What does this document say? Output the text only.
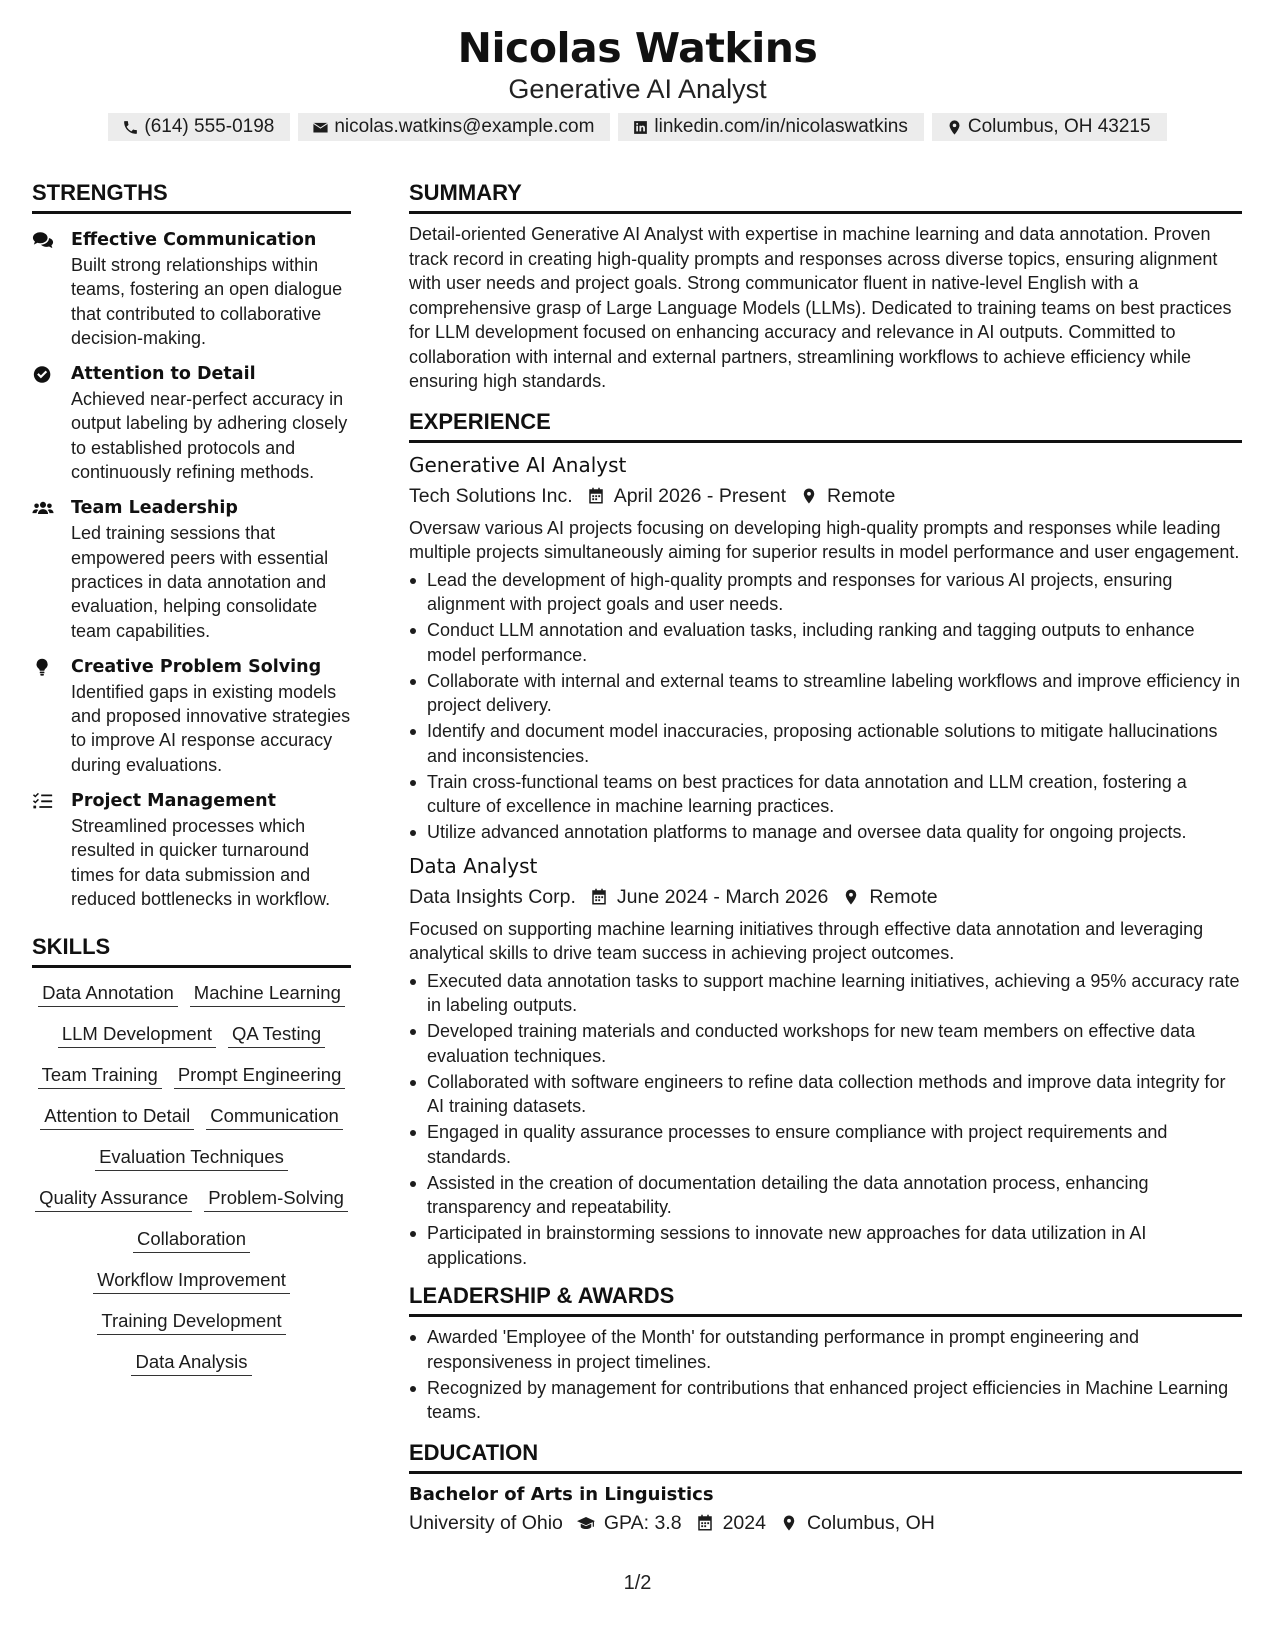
Nicolas Watkins
Generative AI Analyst
(614) 555-0198	nicolas.watkins@example.com	linkedin.com/in/nicolaswatkins	Columbus, OH 43215
STRENGTHS
Effective Communication
Built strong relationships within teams, fostering an open dialogue that contributed to collaborative decision-making.
Attention to Detail
Achieved near-perfect accuracy in output labeling by adhering closely to established protocols and continuously refining methods.
Team Leadership
Led training sessions that empowered peers with essential practices in data annotation and evaluation, helping consolidate team capabilities.
Creative Problem Solving
Identified gaps in existing models and proposed innovative strategies to improve AI response accuracy during evaluations.
Project Management
Streamlined processes which resulted in quicker turnaround times for data submission and reduced bottlenecks in workflow.
SKILLS
Data Annotation Machine Learning
LLM Development QA Testing
Team Training Prompt Engineering
Attention to Detail Communication
Evaluation Techniques
Quality Assurance Problem-Solving
Collaboration
Workflow Improvement
Training Development
Data Analysis
SUMMARY
Detail-oriented Generative AI Analyst with expertise in machine learning and data annotation. Proven track record in creating high-quality prompts and responses across diverse topics, ensuring alignment with user needs and project goals. Strong communicator fluent in native-level English with a comprehensive grasp of Large Language Models (LLMs). Dedicated to training teams on best practices for LLM development focused on enhancing accuracy and relevance in AI outputs. Committed to collaboration with internal and external partners, streamlining workflows to achieve efficiency while ensuring high standards.
EXPERIENCE
Generative AI Analyst
Tech Solutions Inc. April 2026 - Present Remote
Oversaw various AI projects focusing on developing high-quality prompts and responses while leading multiple projects simultaneously aiming for superior results in model performance and user engagement.
Lead the development of high-quality prompts and responses for various AI projects, ensuring alignment with project goals and user needs.
Conduct LLM annotation and evaluation tasks, including ranking and tagging outputs to enhance model performance.
Collaborate with internal and external teams to streamline labeling workflows and improve efficiency in project delivery.
Identify and document model inaccuracies, proposing actionable solutions to mitigate hallucinations and inconsistencies.
Train cross-functional teams on best practices for data annotation and LLM creation, fostering a culture of excellence in machine learning practices.
Utilize advanced annotation platforms to manage and oversee data quality for ongoing projects.
Data Analyst
Data Insights Corp. June 2024 - March 2026 Remote
Focused on supporting machine learning initiatives through effective data annotation and leveraging analytical skills to drive team success in achieving project outcomes.
Executed data annotation tasks to support machine learning initiatives, achieving a 95% accuracy rate in labeling outputs.
Developed training materials and conducted workshops for new team members on effective data evaluation techniques.
Collaborated with software engineers to refine data collection methods and improve data integrity for AI training datasets.
Engaged in quality assurance processes to ensure compliance with project requirements and standards.
Assisted in the creation of documentation detailing the data annotation process, enhancing transparency and repeatability.
Participated in brainstorming sessions to innovate new approaches for data utilization in AI applications.
LEADERSHIP & AWARDS
Awarded 'Employee of the Month' for outstanding performance in prompt engineering and responsiveness in project timelines.
Recognized by management for contributions that enhanced project efficiencies in Machine Learning teams.
EDUCATION
Bachelor of Arts in Linguistics
University of Ohio GPA: 3.8 2024 Columbus, OH
1/2
